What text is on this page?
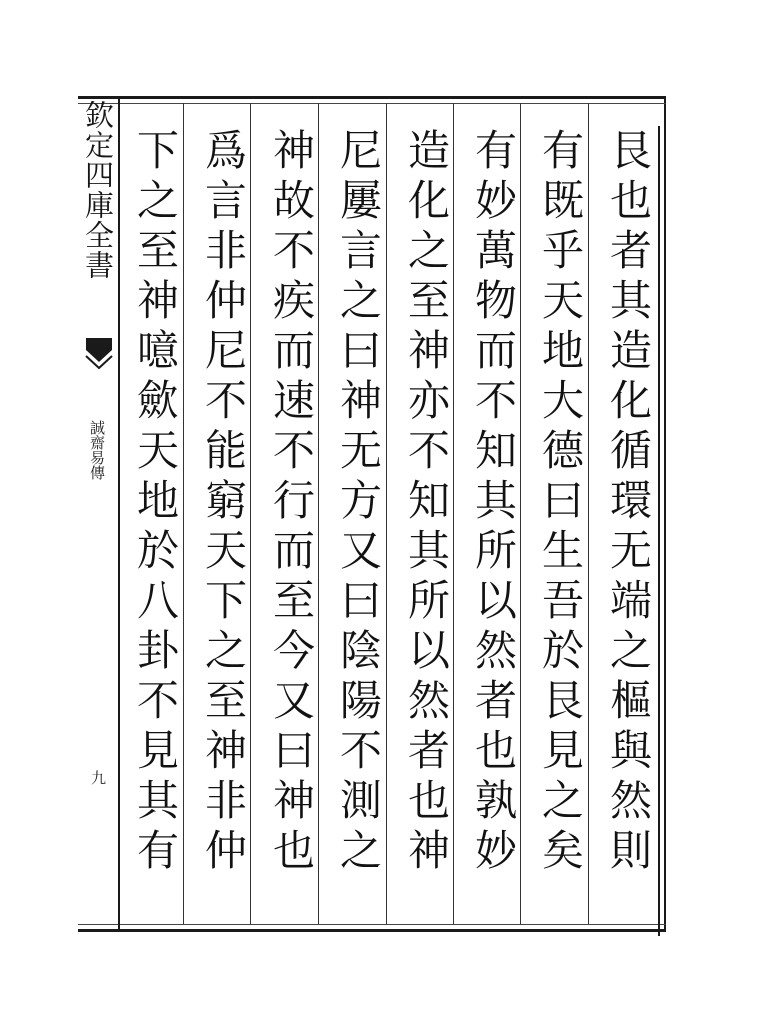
欽定四庫全書
誠齋易傳
九
艮也者其造化循環无端之樞與然則
有既乎天地大德曰生吾於艮見之矣
有妙萬物而不知其所以然者也孰妙
造化之至神亦不知其所以然者也神
尼屢言之曰神无方又曰陰陽不測之
神故不疾而速不行而至今又曰神也
爲言非仲尼不能窮天下之至神非仲
下之至神噫歛天地於八卦不見其有
